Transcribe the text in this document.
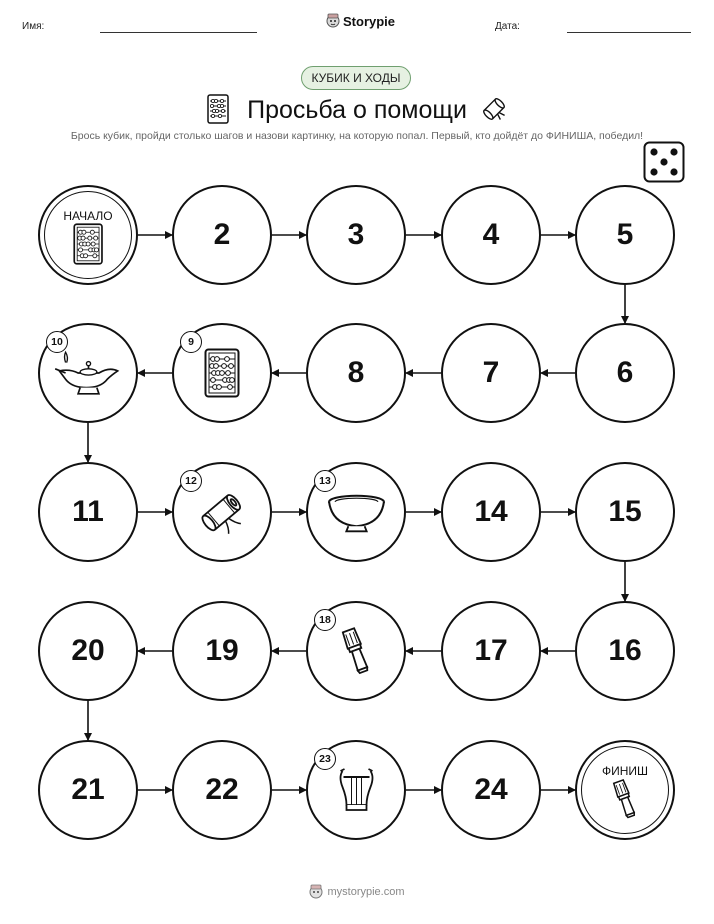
Имя:	Storypie	Дата:
КУБИК И ХОДЫ
Просьба о помощи
Брось кубик, пройди столько шагов и назови картинку, на которую попал. Первый, кто дойдёт до ФИНИША, победил!
НАЧАЛО
2	3	4	5
6
7
8
9
10
11
12	13
14	15
16
17
18
19
20
21	22
23
24
ФИНИШ
mystorypie.com
